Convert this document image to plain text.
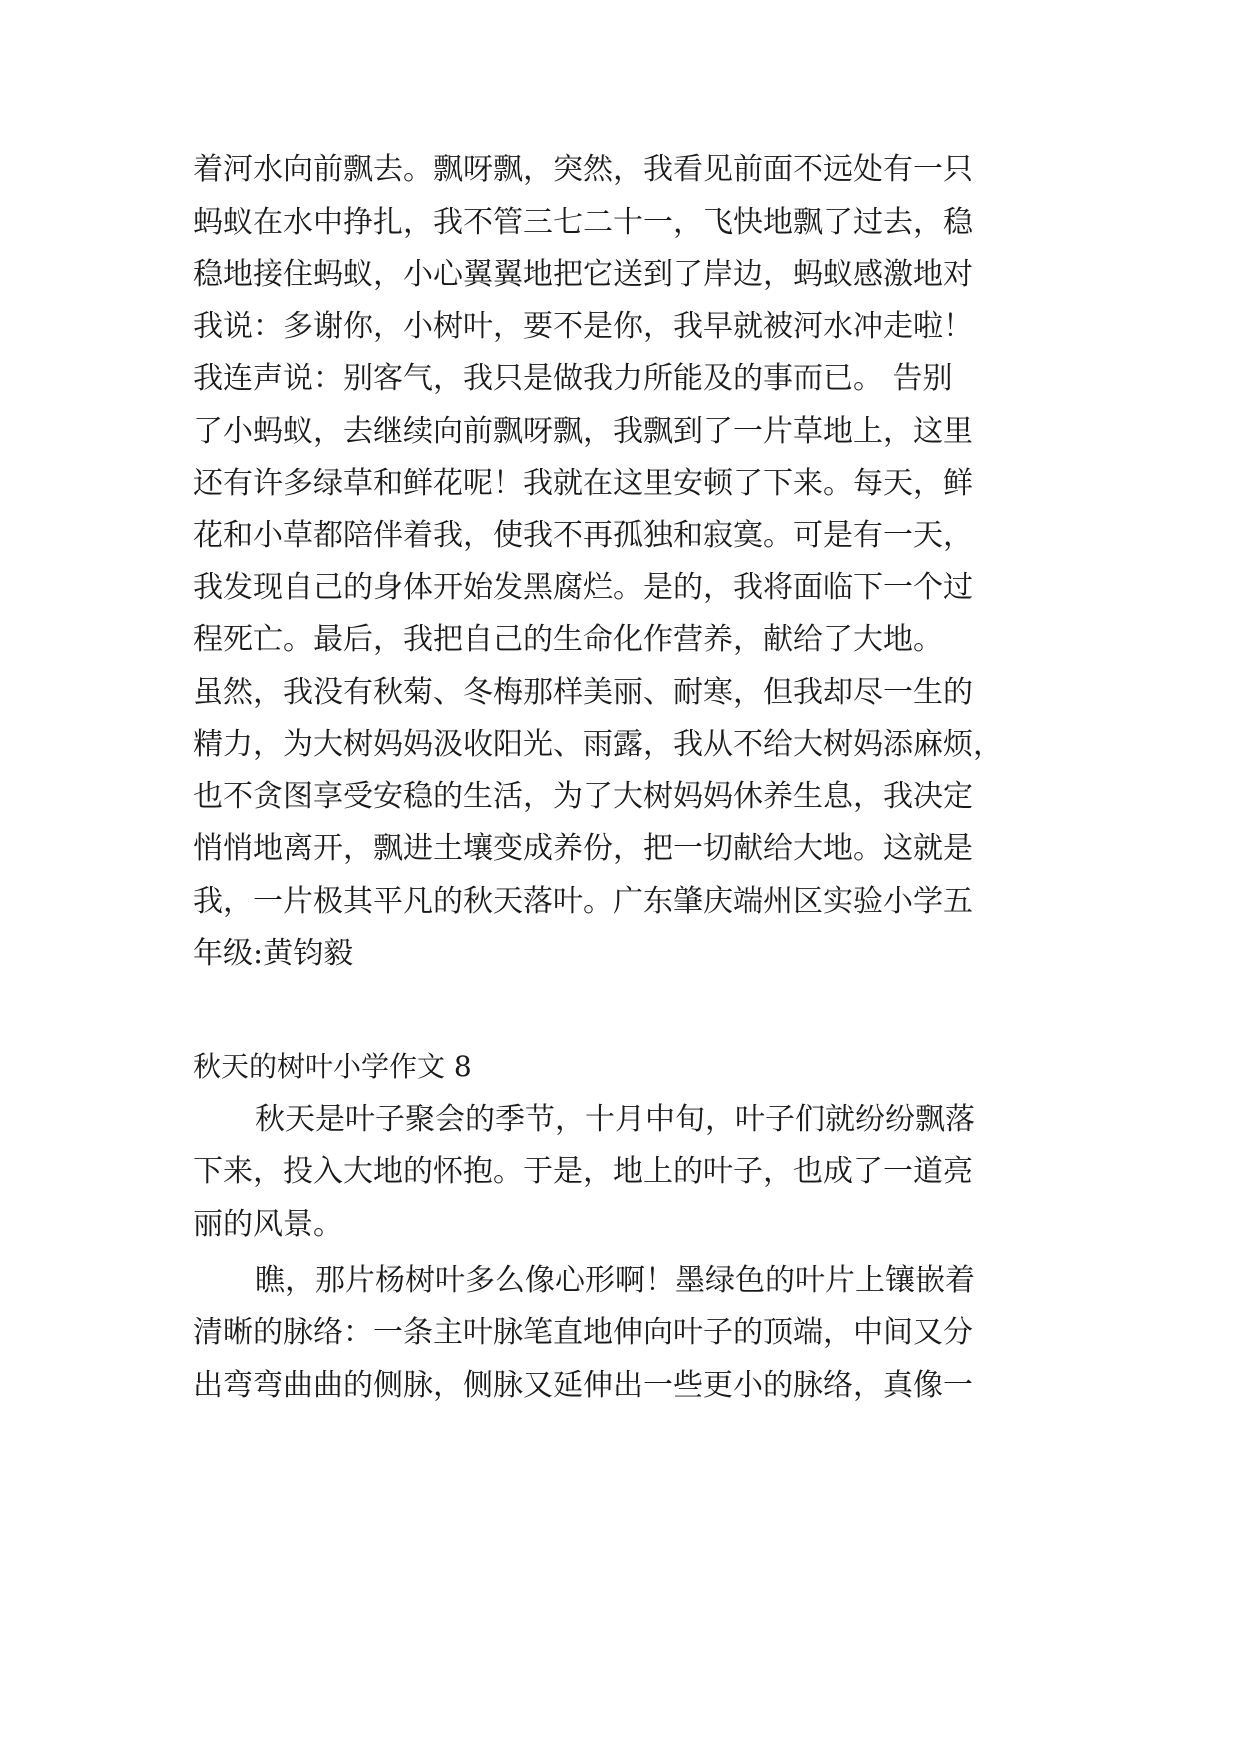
着河水向前飘去。飘呀飘，突然，我看见前面不远处有一只
蚂蚁在水中挣扎，我不管三七二十一，飞快地飘了过去，稳
稳地接住蚂蚁，小心翼翼地把它送到了岸边，蚂蚁感激地对
我说：多谢你，小树叶，要不是你，我早就被河水冲走啦！
我连声说：别客气，我只是做我力所能及的事而已。 告别
了小蚂蚁，去继续向前飘呀飘，我飘到了一片草地上，这里
还有许多绿草和鲜花呢！我就在这里安顿了下来。每天，鲜
花和小草都陪伴着我，使我不再孤独和寂寞。可是有一天，
我发现自己的身体开始发黑腐烂。是的，我将面临下一个过
程死亡。最后，我把自己的生命化作营养，献给了大地。
虽然，我没有秋菊、冬梅那样美丽、耐寒，但我却尽一生的
精力，为大树妈妈汲收阳光、雨露，我从不给大树妈添麻烦，
也不贪图享受安稳的生活，为了大树妈妈休养生息，我决定
悄悄地离开，飘进土壤变成养份，把一切献给大地。这就是
我，一片极其平凡的秋天落叶。广东肇庆端州区实验小学五
年级:黄钧毅
秋天的树叶小学作文 8
秋天是叶子聚会的季节，十月中旬，叶子们就纷纷飘落
下来，投入大地的怀抱。于是，地上的叶子，也成了一道亮
丽的风景。
瞧，那片杨树叶多么像心形啊！墨绿色的叶片上镶嵌着
清晰的脉络：一条主叶脉笔直地伸向叶子的顶端，中间又分
出弯弯曲曲的侧脉，侧脉又延伸出一些更小的脉络，真像一
